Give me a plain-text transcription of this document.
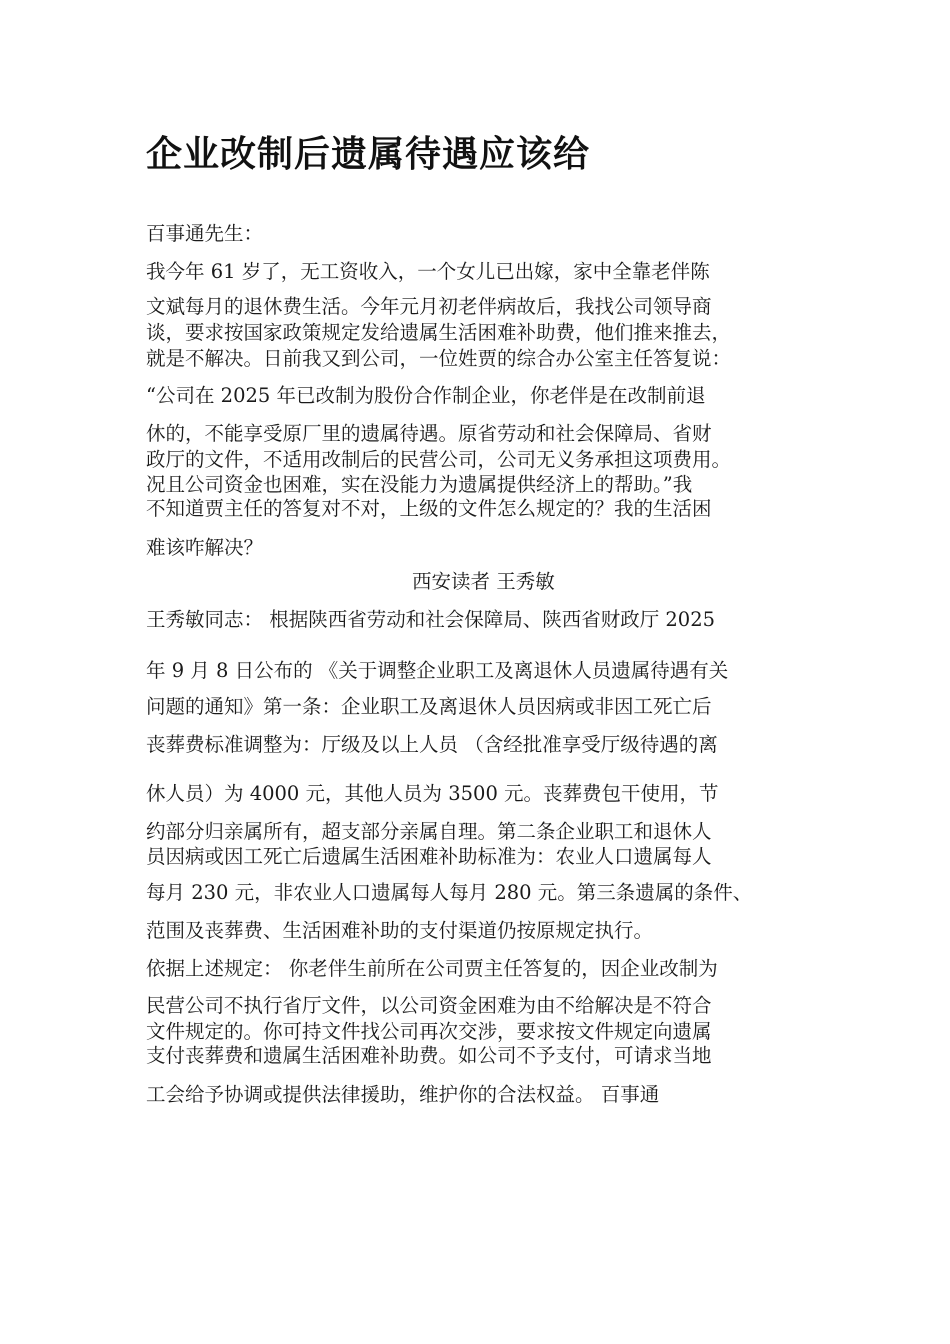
企业改制后遗属待遇应该给
百事通先生：
我今年 61 岁了，无工资收入，一个女儿已出嫁，家中全靠老伴陈
文斌每月的退休费生活。今年元月初老伴病故后，我找公司领导商
谈，要求按国家政策规定发给遗属生活困难补助费，他们推来推去，
就是不解决。日前我又到公司，一位姓贾的综合办公室主任答复说：
“公司在 2025 年已改制为股份合作制企业，你老伴是在改制前退
休的，不能享受原厂里的遗属待遇。原省劳动和社会保障局、省财
政厅的文件，不适用改制后的民营公司，公司无义务承担这项费用。
况且公司资金也困难，实在没能力为遗属提供经济上的帮助。”我
不知道贾主任的答复对不对，上级的文件怎么规定的？我的生活困
难该咋解决？
西安读者 王秀敏
王秀敏同志： 根据陕西省劳动和社会保障局、陕西省财政厅 2025
年 9 月 8 日公布的 《关于调整企业职工及离退休人员遗属待遇有关
问题的通知》第一条：企业职工及离退休人员因病或非因工死亡后
丧葬费标准调整为：厅级及以上人员 （含经批准享受厅级待遇的离
休人员）为 4000 元，其他人员为 3500 元。丧葬费包干使用，节
约部分归亲属所有，超支部分亲属自理。第二条企业职工和退休人
员因病或因工死亡后遗属生活困难补助标准为：农业人口遗属每人
每月 230 元，非农业人口遗属每人每月 280 元。第三条遗属的条件、
范围及丧葬费、生活困难补助的支付渠道仍按原规定执行。
依据上述规定： 你老伴生前所在公司贾主任答复的，因企业改制为
民营公司不执行省厅文件，以公司资金困难为由不给解决是不符合
文件规定的。你可持文件找公司再次交涉，要求按文件规定向遗属
支付丧葬费和遗属生活困难补助费。如公司不予支付，可请求当地
工会给予协调或提供法律援助，维护你的合法权益。 百事通
